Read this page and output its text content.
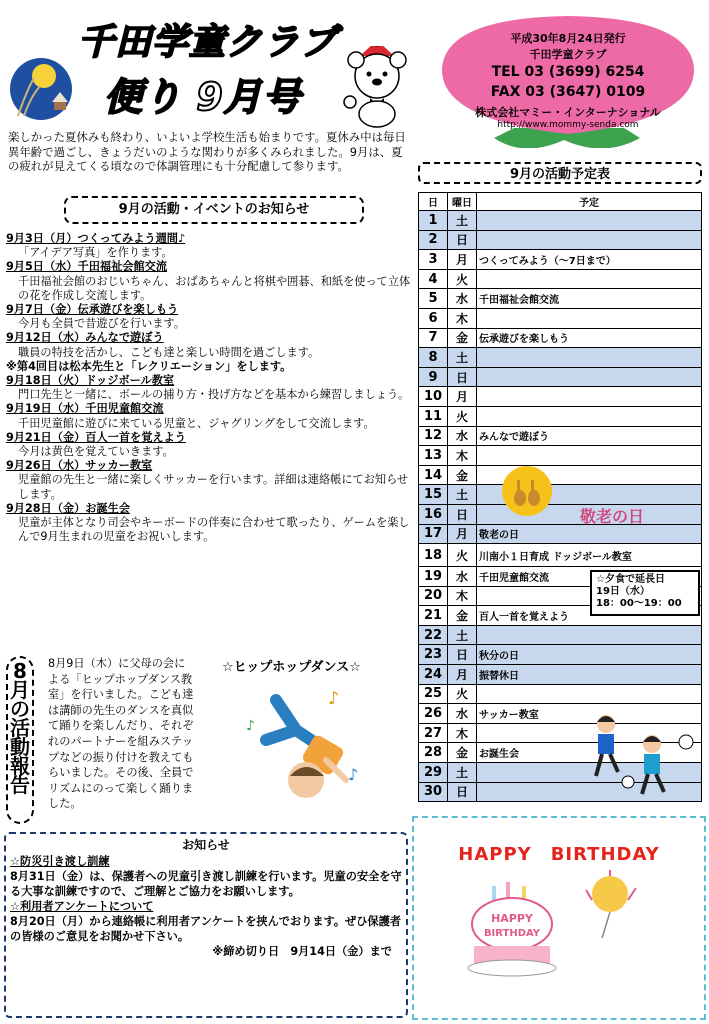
千田学童クラブ
便り 9月号
平成30年8月24日発行
千田学童クラブ
TEL 03 (3699) 6254
FAX 03 (3647) 0109
株式会社マミー・インターナショナル
http://www.mommy-senda.com
楽しかった夏休みも終わり、いよいよ学校生活も始まりです。夏休み中は毎日異年齢で過ごし、きょうだいのような関わりが多くみられました。9月は、夏の疲れが見えてくる頃なので体調管理にも十分配慮して参ります。
9月の活動・イベントのお知らせ
9月3日（月）つくってみよう週間♪
「アイデア写真」を作ります。
9月5日（水）千田福祉会館交流
千田福祉会館のおじいちゃん、おばあちゃんと将棋や囲碁、和紙を使って立体の花を作成し交流します。
9月7日（金）伝承遊びを楽しもう
今月も全員で昔遊びを行います。
9月12日（水）みんなで遊ぼう
職員の特技を活かし、こども達と楽しい時間を過ごします。
※第4回目は松本先生と「レクリエーション」をします。
9月18日（火）ドッジボール教室
門口先生と一緒に、ボールの捕り方・投げ方などを基本から練習しましょう。
9月19日（水）千田児童館交流
千田児童館に遊びに来ている児童と、ジャグリングをして交流します。
9月21日（金）百人一首を覚えよう
今月は黄色を覚えていきます。
9月26日（水）サッカー教室
児童館の先生と一緒に楽しくサッカーを行います。詳細は連絡帳にてお知らせします。
9月28日（金）お誕生会
児童が主体となり司会やキーボードの伴奏に合わせて歌ったり、ゲームを楽しんで9月生まれの児童をお祝いします。
8月の活動報告
8月9日（木）に父母の会による「ヒップホップダンス教室」を行いました。こども達は講師の先生のダンスを真似て踊りを楽しんだり、それぞれのパートナーを組みステップなどの振り付けを教えてもらいました。その後、全員でリズムにのって楽しく踊りました。
☆ヒップホップダンス☆
♪
♪
♪
お知らせ
☆防災引き渡し訓練
8月31日（金）は、保護者への児童引き渡し訓練を行います。児童の安全を守る大事な訓練ですので、ご理解とご協力をお願いします。
☆利用者アンケートについて
8月20日（月）から連絡帳に利用者アンケートを挟んでおります。ぜひ保護者の皆様のご意見をお聞かせ下さい。
※締め切り日　9月14日（金）まで
9月の活動予定表
日	曜日	予定
1	土	
2	日	
3	月	つくってみよう（～7日まで）
4	火	
5	水	千田福祉会館交流
6	木	
7	金	伝承遊びを楽しもう
8	土	
9	日	
10	月	
11	火	
12	水	みんなで遊ぼう
13	木	
14	金	
15	土	
16	日	
17	月	敬老の日
18	火	川南小１日育成 ドッジボール教室
19	水	千田児童館交流
20	木	
21	金	百人一首を覚えよう
22	土	
23	日	秋分の日
24	月	振替休日
25	火	
26	水	サッカー教室
27	木	
28	金	お誕生会
29	土	
30	日	
敬老の日
☆夕食で延長日
19日（水）
18：00～19：00
HAPPY　BIRTHDAY
HAPPY
BIRTHDAY
